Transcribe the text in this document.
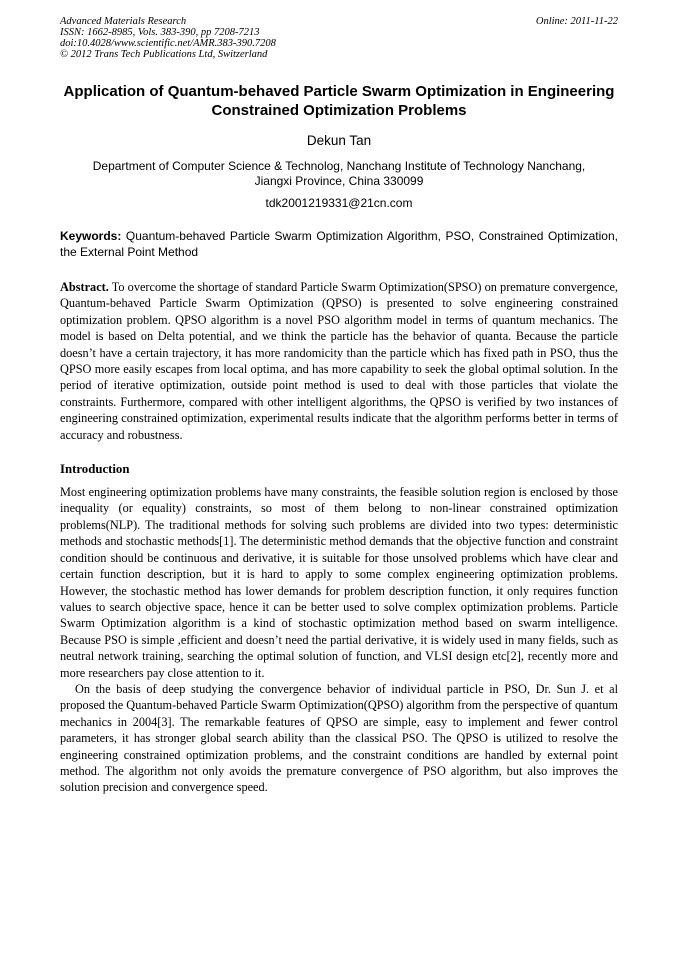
Advanced Materials Research
ISSN: 1662-8985, Vols. 383-390, pp 7208-7213
doi:10.4028/www.scientific.net/AMR.383-390.7208
© 2012 Trans Tech Publications Ltd, Switzerland
Online: 2011-11-22
Application of Quantum-behaved Particle Swarm Optimization in Engineering Constrained Optimization Problems
Dekun Tan
Department of Computer Science & Technolog, Nanchang Institute of Technology Nanchang,
Jiangxi Province, China 330099
tdk2001219331@21cn.com

Keywords: Quantum-behaved Particle Swarm Optimization Algorithm, PSO, Constrained Optimization, the External Point Method

Abstract. To overcome the shortage of standard Particle Swarm Optimization(SPSO) on premature convergence, Quantum-behaved Particle Swarm Optimization (QPSO) is presented to solve engineering constrained optimization problem. QPSO algorithm is a novel PSO algorithm model in terms of quantum mechanics. The model is based on Delta potential, and we think the particle has the behavior of quanta. Because the particle doesn’t have a certain trajectory, it has more randomicity than the particle which has fixed path in PSO, thus the QPSO more easily escapes from local optima, and has more capability to seek the global optimal solution. In the period of iterative optimization, outside point method is used to deal with those particles that violate the constraints. Furthermore, compared with other intelligent algorithms, the QPSO is verified by two instances of engineering constrained optimization, experimental results indicate that the algorithm performs better in terms of accuracy and robustness.

Introduction

Most engineering optimization problems have many constraints, the feasible solution region is enclosed by those inequality (or equality) constraints, so most of them belong to non-linear constrained optimization problems(NLP). The traditional methods for solving such problems are divided into two types: deterministic methods and stochastic methods[1]. The deterministic method demands that the objective function and constraint condition should be continuous and derivative, it is suitable for those unsolved problems which have clear and certain function description, but it is hard to apply to some complex engineering optimization problems. However, the stochastic method has lower demands for problem description function, it only requires function values to search objective space, hence it can be better used to solve complex optimization problems. Particle Swarm Optimization algorithm is a kind of stochastic optimization method based on swarm intelligence. Because PSO is simple ,efficient and doesn’t need the partial derivative, it is widely used in many fields, such as neutral network training, searching the optimal solution of function, and VLSI design etc[2], recently more and more researchers pay close attention to it.

On the basis of deep studying the convergence behavior of individual particle in PSO, Dr. Sun J. et al proposed the Quantum-behaved Particle Swarm Optimization(QPSO) algorithm from the perspective of quantum mechanics in 2004[3]. The remarkable features of QPSO are simple, easy to implement and fewer control parameters, it has stronger global search ability than the classical PSO. The QPSO is utilized to resolve the engineering constrained optimization problems, and the constraint conditions are handled by external point method. The algorithm not only avoids the premature convergence of PSO algorithm, but also improves the solution precision and convergence speed.
